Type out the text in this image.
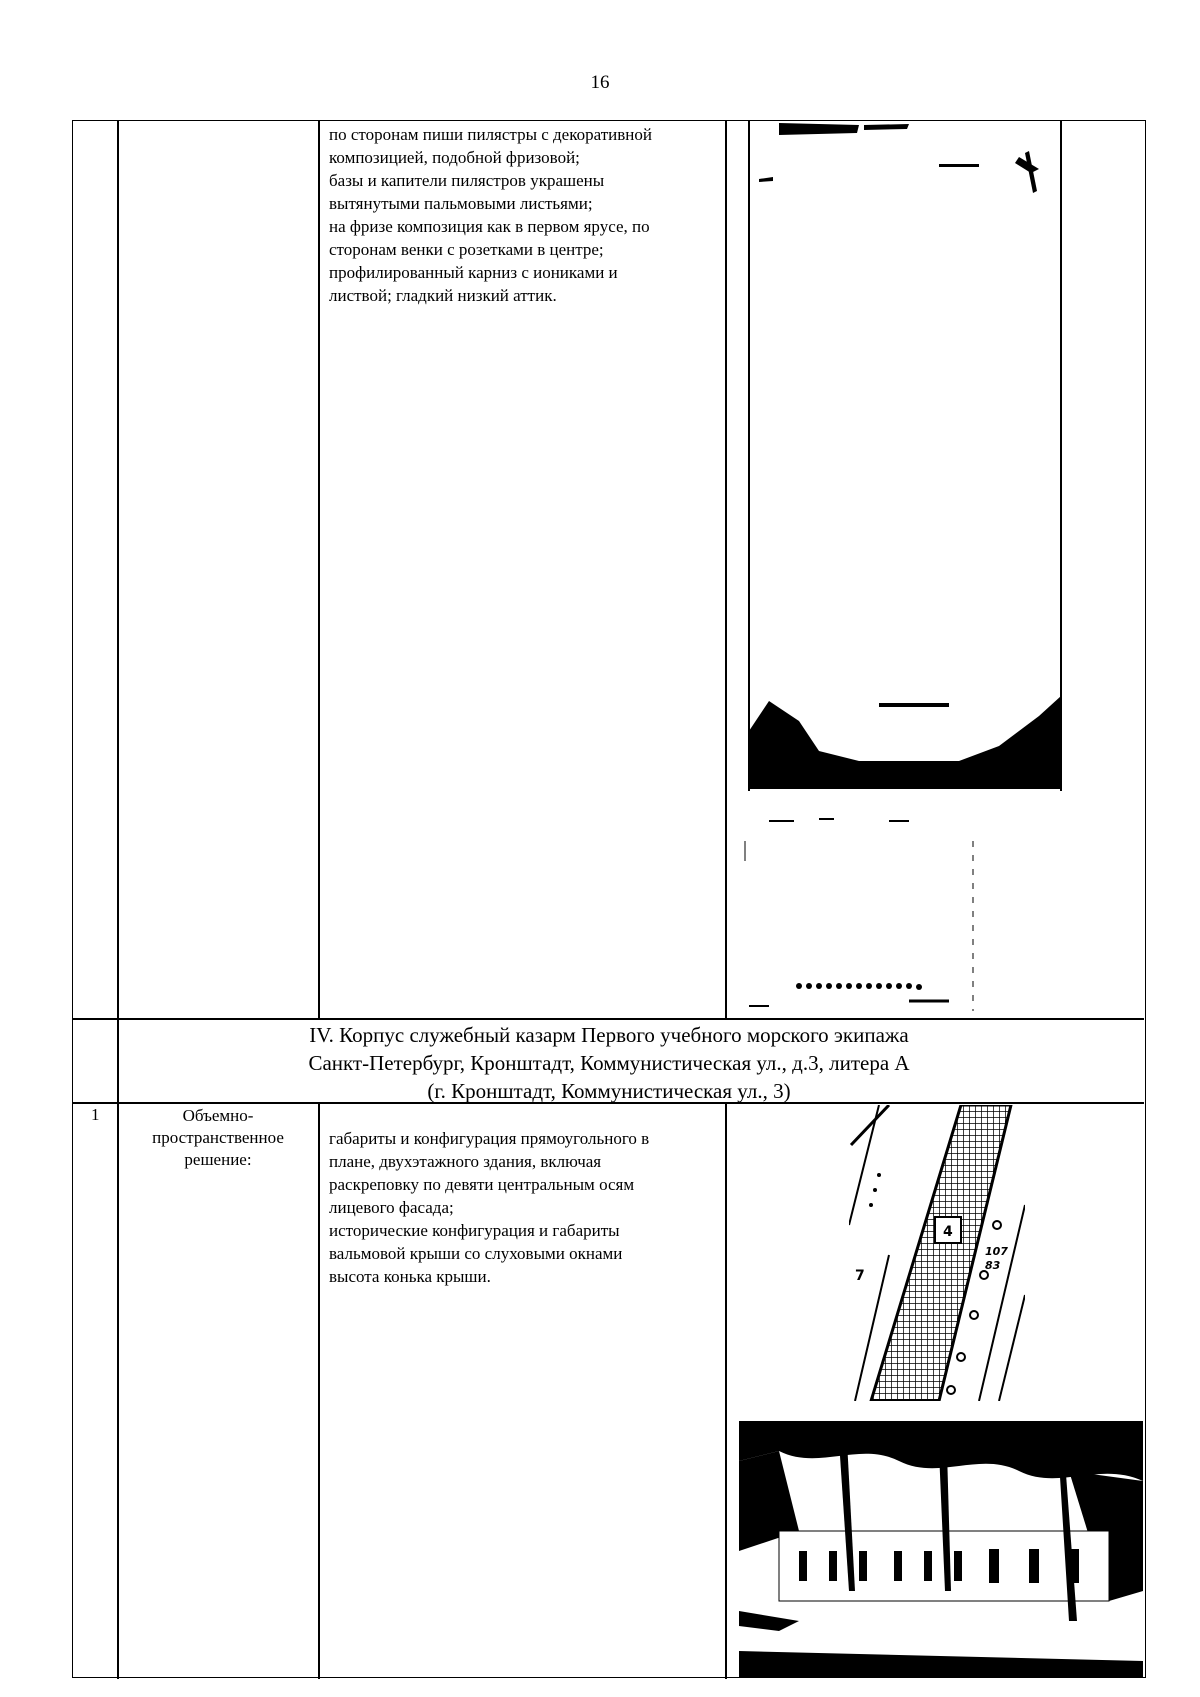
16
по сторонам пиши пилястры с декоративной
композицией, подобной фризовой;
базы и капители пилястров украшены
вытянутыми пальмовыми листьями;
на фризе композиция как в первом ярусе, по
сторонам венки с розетками в центре;
профилированный карниз с иониками и
листвой; гладкий низкий аттик.
IV. Корпус служебный казарм Первого учебного морского экипажа
Санкт-Петербург, Кронштадт, Коммунистическая ул., д.3, литера А
(г. Кронштадт, Коммунистическая ул., 3)
1	Объемно-
пространственное
решение:
габариты и конфигурация прямоугольного в
плане, двухэтажного здания, включая
раскреповку по девяти центральным осям
лицевого фасада;
исторические конфигурация и габариты
вальмовой крыши со слуховыми окнами
высота конька крыши.
4
7
107
83
